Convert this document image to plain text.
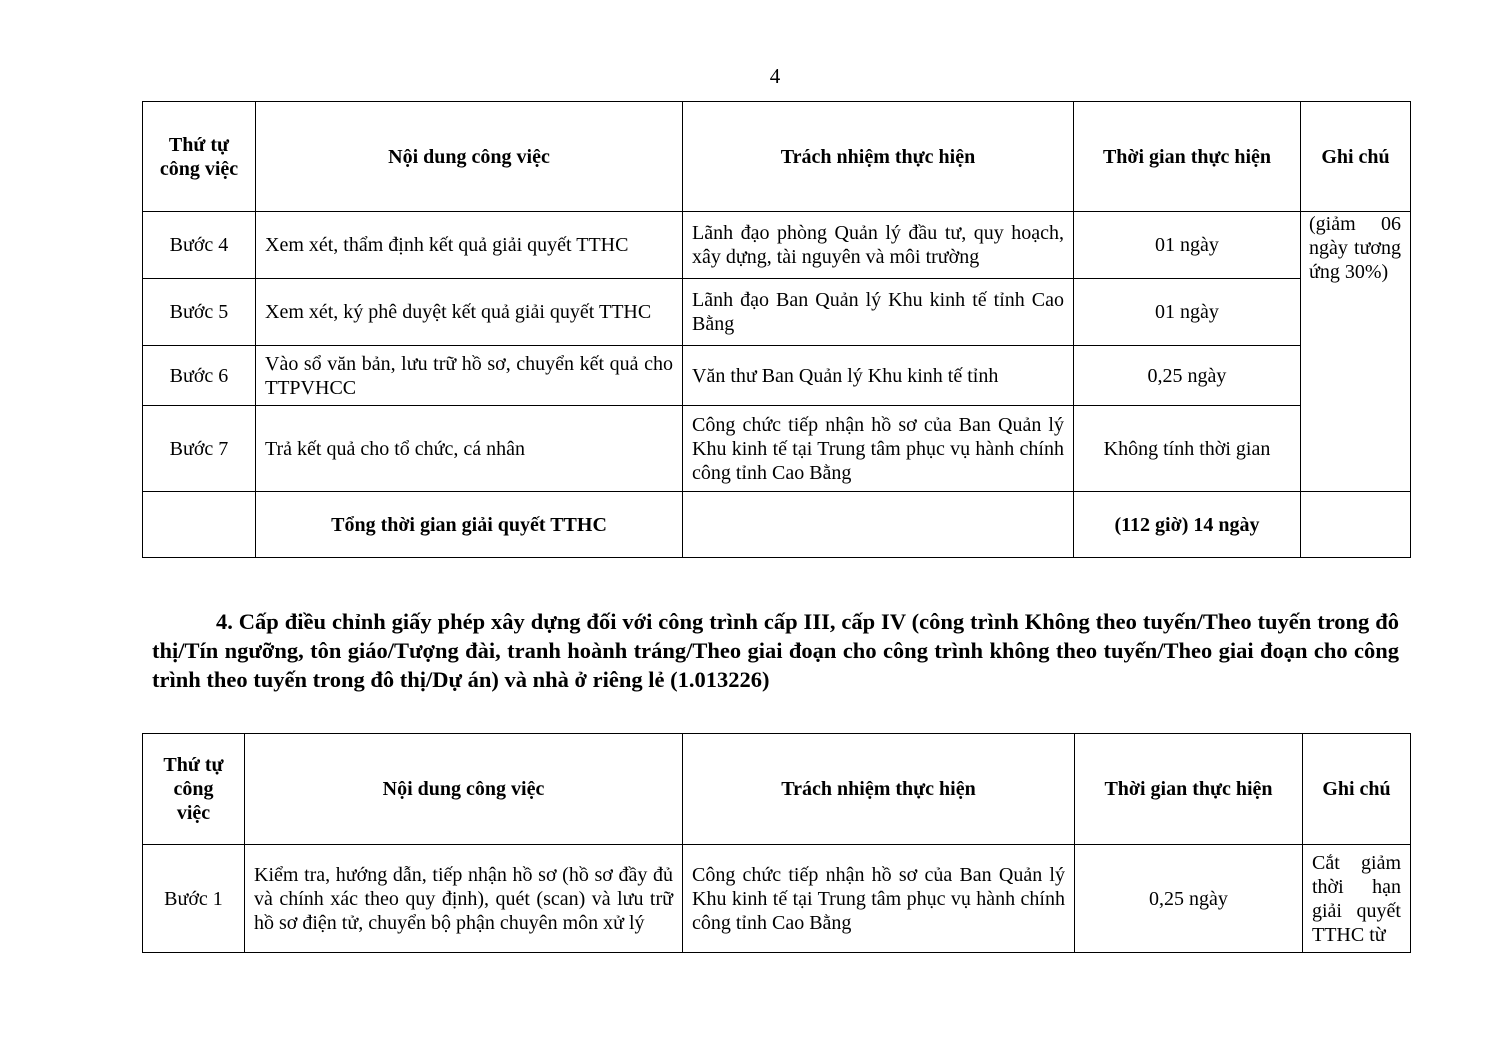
4
Thứ tự công việc	Nội dung công việc	Trách nhiệm thực hiện	Thời gian thực hiện	Ghi chú
Bước 4	Xem xét, thẩm định kết quả giải quyết TTHC	Lãnh đạo phòng Quản lý đầu tư, quy hoạch, xây dựng, tài nguyên và môi trường	01 ngày	(giảm 06 ngày tương ứng 30%)

Bước 5	Xem xét, ký phê duyệt kết quả giải quyết TTHC	Lãnh đạo Ban Quản lý Khu kinh tế tỉnh Cao Bằng	01 ngày	
Bước 6	Vào sổ văn bản, lưu trữ hồ sơ, chuyển kết quả cho TTPVHCC	Văn thư Ban Quản lý Khu kinh tế tỉnh	0,25 ngày	
Bước 7	Trả kết quả cho tổ chức, cá nhân	Công chức tiếp nhận hồ sơ của Ban Quản lý Khu kinh tế tại Trung tâm phục vụ hành chính công tỉnh Cao Bằng	Không tính thời gian	
	Tổng thời gian giải quyết TTHC		(112 giờ) 14 ngày	
4. Cấp điều chỉnh giấy phép xây dựng đối với công trình cấp III, cấp IV (công trình Không theo tuyến/Theo tuyến trong đô thị/Tín ngưỡng, tôn giáo/Tượng đài, tranh hoành tráng/Theo giai đoạn cho công trình không theo tuyến/Theo giai đoạn cho công trình theo tuyến trong đô thị/Dự án) và nhà ở riêng lẻ (1.013226)
Thứ tự công việc	Nội dung công việc	Trách nhiệm thực hiện	Thời gian thực hiện	Ghi chú
Bước 1	Kiểm tra, hướng dẫn, tiếp nhận hồ sơ (hồ sơ đầy đủ và chính xác theo quy định), quét (scan) và lưu trữ hồ sơ điện tử, chuyển bộ phận chuyên môn xử lý	Công chức tiếp nhận hồ sơ của Ban Quản lý Khu kinh tế tại Trung tâm phục vụ hành chính công tỉnh Cao Bằng	0,25 ngày	Cắt giảm thời hạn giải quyết TTHC từ
